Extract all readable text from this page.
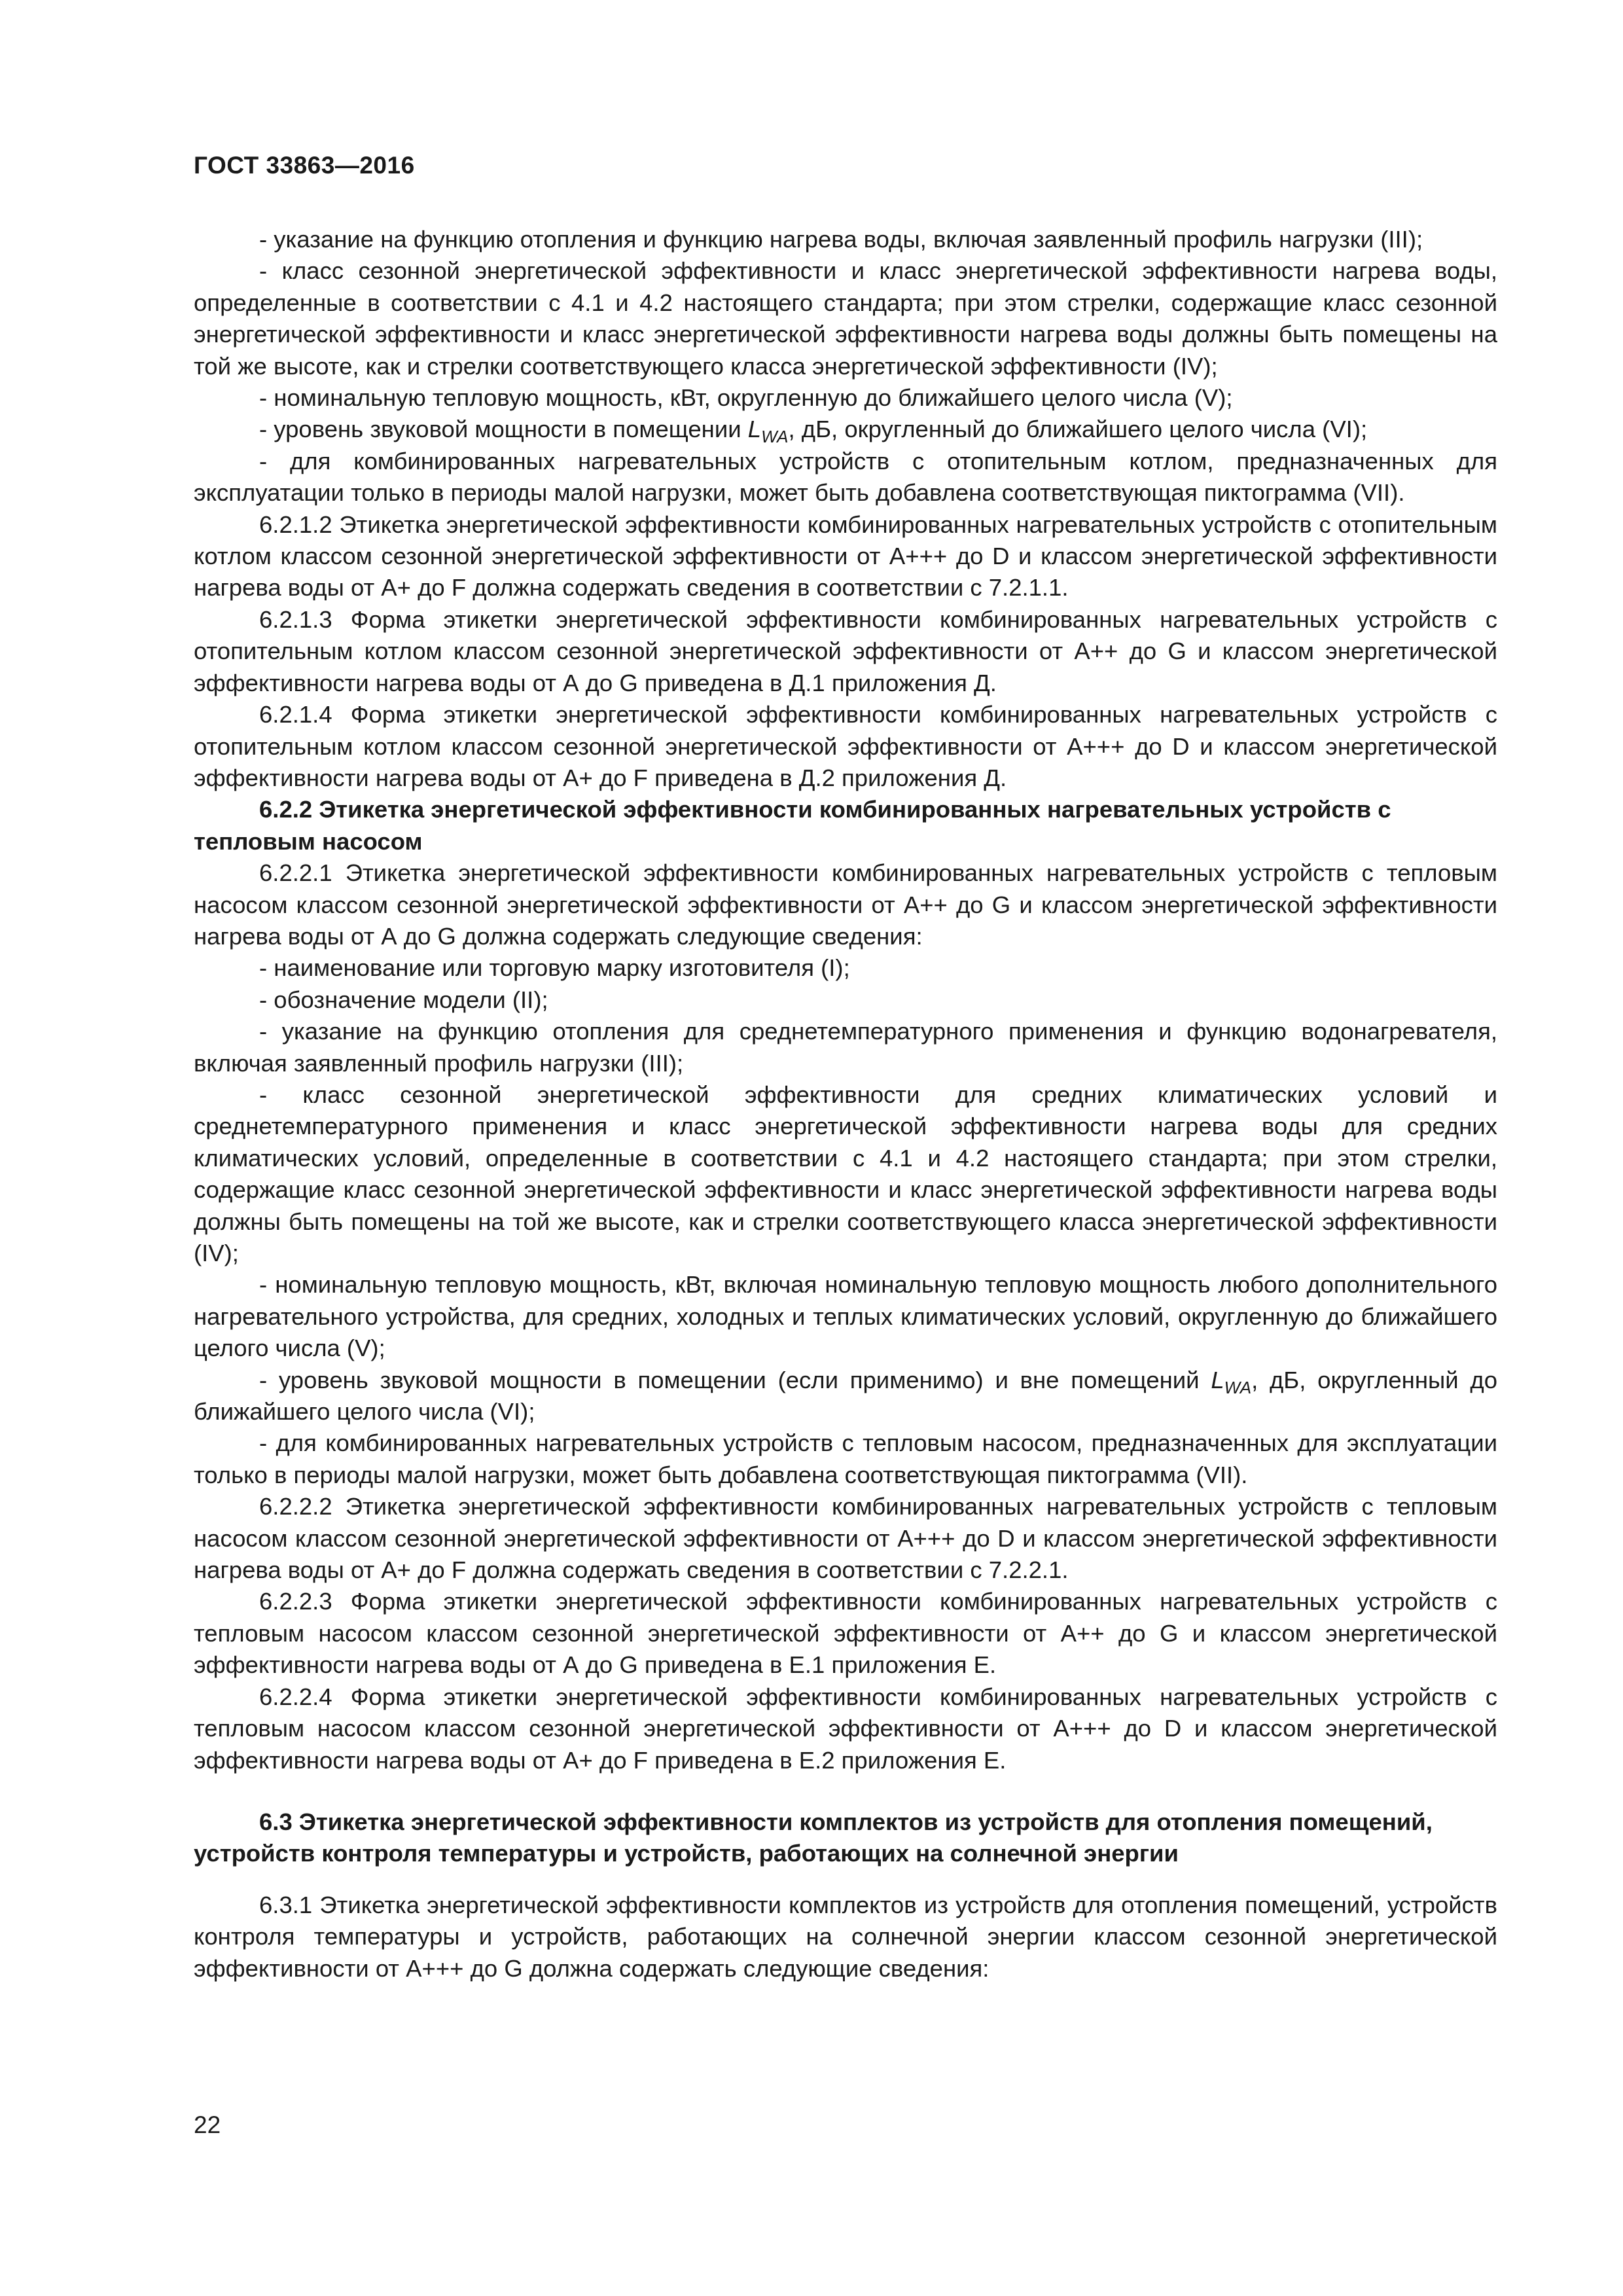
ГОСТ 33863—2016

- указание на функцию отопления и функцию нагрева воды, включая заявленный профиль нагрузки (III);

- класс сезонной энергетической эффективности и класс энергетической эффективности нагрева воды, определенные в соответствии с 4.1 и 4.2 настоящего стандарта; при этом стрелки, содержащие класс сезонной энергетической эффективности и класс энергетической эффективности нагрева воды должны быть помещены на той же высоте, как и стрелки соответствующего класса энергетической эффективности (IV);

- номинальную тепловую мощность, кВт, округленную до ближайшего целого числа (V);

- уровень звуковой мощности в помещении $L_{WA}$, дБ, округленный до ближайшего целого числа (VI);

- для комбинированных нагревательных устройств с отопительным котлом, предназначенных для эксплуатации только в периоды малой нагрузки, может быть добавлена соответствующая пиктограмма (VII).

6.2.1.2 Этикетка энергетической эффективности комбинированных нагревательных устройств с отопительным котлом классом сезонной энергетической эффективности от А+++ до D и классом энергетической эффективности нагрева воды от А+ до F должна содержать сведения в соответствии с 7.2.1.1.

6.2.1.3 Форма этикетки энергетической эффективности комбинированных нагревательных устройств с отопительным котлом классом сезонной энергетической эффективности от А++ до G и классом энергетической эффективности нагрева воды от А до G приведена в Д.1 приложения Д.

6.2.1.4 Форма этикетки энергетической эффективности комбинированных нагревательных устройств с отопительным котлом классом сезонной энергетической эффективности от А+++ до D и классом энергетической эффективности нагрева воды от А+ до F приведена в Д.2 приложения Д.

6.2.2 Этикетка энергетической эффективности комбинированных нагревательных устройств с тепловым насосом

6.2.2.1 Этикетка энергетической эффективности комбинированных нагревательных устройств с тепловым насосом классом сезонной энергетической эффективности от А++ до G и классом энергетической эффективности нагрева воды от А до G должна содержать следующие сведения:

- наименование или торговую марку изготовителя (I);

- обозначение модели (II);

- указание на функцию отопления для среднетемпературного применения и функцию водонагревателя, включая заявленный профиль нагрузки (III);

- класс сезонной энергетической эффективности для средних климатических условий и среднетемпературного применения и класс энергетической эффективности нагрева воды для средних климатических условий, определенные в соответствии с 4.1 и 4.2 настоящего стандарта; при этом стрелки, содержащие класс сезонной энергетической эффективности и класс энергетической эффективности нагрева воды должны быть помещены на той же высоте, как и стрелки соответствующего класса энергетической эффективности (IV);

- номинальную тепловую мощность, кВт, включая номинальную тепловую мощность любого дополнительного нагревательного устройства, для средних, холодных и теплых климатических условий, округленную до ближайшего целого числа (V);

- уровень звуковой мощности в помещении (если применимо) и вне помещений $L_{WA}$, дБ, округленный до ближайшего целого числа (VI);

- для комбинированных нагревательных устройств с тепловым насосом, предназначенных для эксплуатации только в периоды малой нагрузки, может быть добавлена соответствующая пиктограмма (VII).

6.2.2.2 Этикетка энергетической эффективности комбинированных нагревательных устройств с тепловым насосом классом сезонной энергетической эффективности от А+++ до D и классом энергетической эффективности нагрева воды от А+ до F должна содержать сведения в соответствии с 7.2.2.1.

6.2.2.3 Форма этикетки энергетической эффективности комбинированных нагревательных устройств с тепловым насосом классом сезонной энергетической эффективности от А++ до G и классом энергетической эффективности нагрева воды от А до G приведена в Е.1 приложения Е.

6.2.2.4 Форма этикетки энергетической эффективности комбинированных нагревательных устройств с тепловым насосом классом сезонной энергетической эффективности от А+++ до D и классом энергетической эффективности нагрева воды от А+ до F приведена в Е.2 приложения Е.

6.3 Этикетка энергетической эффективности комплектов из устройств для отопления помещений, устройств контроля температуры и устройств, работающих на солнечной энергии

6.3.1 Этикетка энергетической эффективности комплектов из устройств для отопления помещений, устройств контроля температуры и устройств, работающих на солнечной энергии классом сезонной энергетической эффективности от А+++ до G должна содержать следующие сведения:

22
